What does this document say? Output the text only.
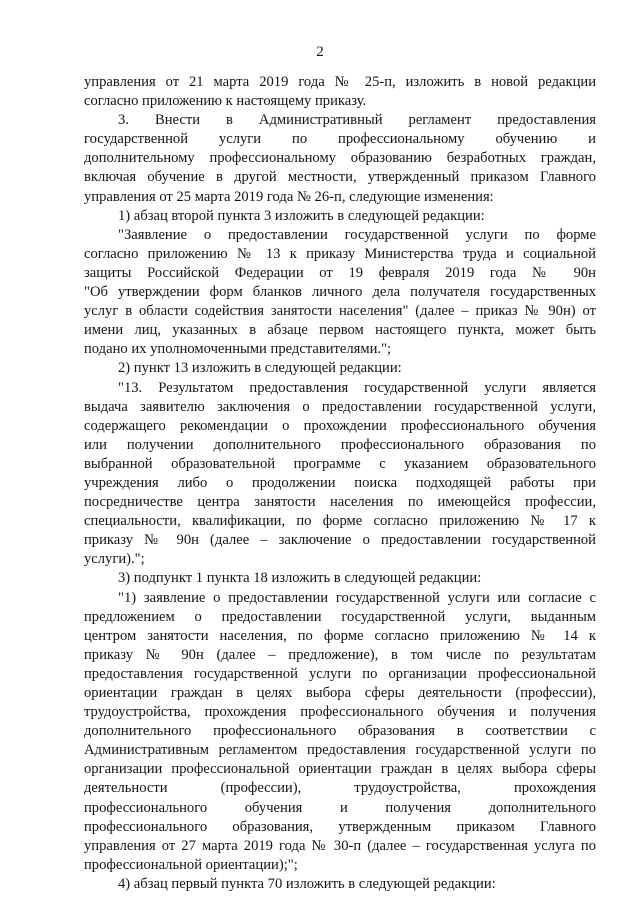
2
управления от 21 марта 2019 года № 25-п, изложить в новой редакции
согласно приложению к настоящему приказу.
3. Внести в Административный регламент предоставления
государственной услуги по профессиональному обучению и
дополнительному профессиональному образованию безработных граждан,
включая обучение в другой местности, утвержденный приказом Главного
управления от 25 марта 2019 года № 26-п, следующие изменения:
1) абзац второй пункта 3 изложить в следующей редакции:
"Заявление о предоставлении государственной услуги по форме
согласно приложению № 13 к приказу Министерства труда и социальной
защиты Российской Федерации от 19 февраля 2019 года № 90н
"Об утверждении форм бланков личного дела получателя государственных
услуг в области содействия занятости населения" (далее – приказ № 90н) от
имени лиц, указанных в абзаце первом настоящего пункта, может быть
подано их уполномоченными представителями.";
2) пункт 13 изложить в следующей редакции:
"13. Результатом предоставления государственной услуги является
выдача заявителю заключения о предоставлении государственной услуги,
содержащего рекомендации о прохождении профессионального обучения
или получении дополнительного профессионального образования по
выбранной образовательной программе с указанием образовательного
учреждения либо о продолжении поиска подходящей работы при
посредничестве центра занятости населения по имеющейся профессии,
специальности, квалификации, по форме согласно приложению № 17 к
приказу № 90н (далее – заключение о предоставлении государственной
услуги).";
3) подпункт 1 пункта 18 изложить в следующей редакции:
"1) заявление о предоставлении государственной услуги или согласие с
предложением о предоставлении государственной услуги, выданным
центром занятости населения, по форме согласно приложению № 14 к
приказу № 90н (далее – предложение), в том числе по результатам
предоставления государственной услуги по организации профессиональной
ориентации граждан в целях выбора сферы деятельности (профессии),
трудоустройства, прохождения профессионального обучения и получения
дополнительного профессионального образования в соответствии с
Административным регламентом предоставления государственной услуги по
организации профессиональной ориентации граждан в целях выбора сферы
деятельности (профессии), трудоустройства, прохождения
профессионального обучения и получения дополнительного
профессионального образования, утвержденным приказом Главного
управления от 27 марта 2019 года № 30-п (далее – государственная услуга по
профессиональной ориентации);";
4) абзац первый пункта 70 изложить в следующей редакции:
